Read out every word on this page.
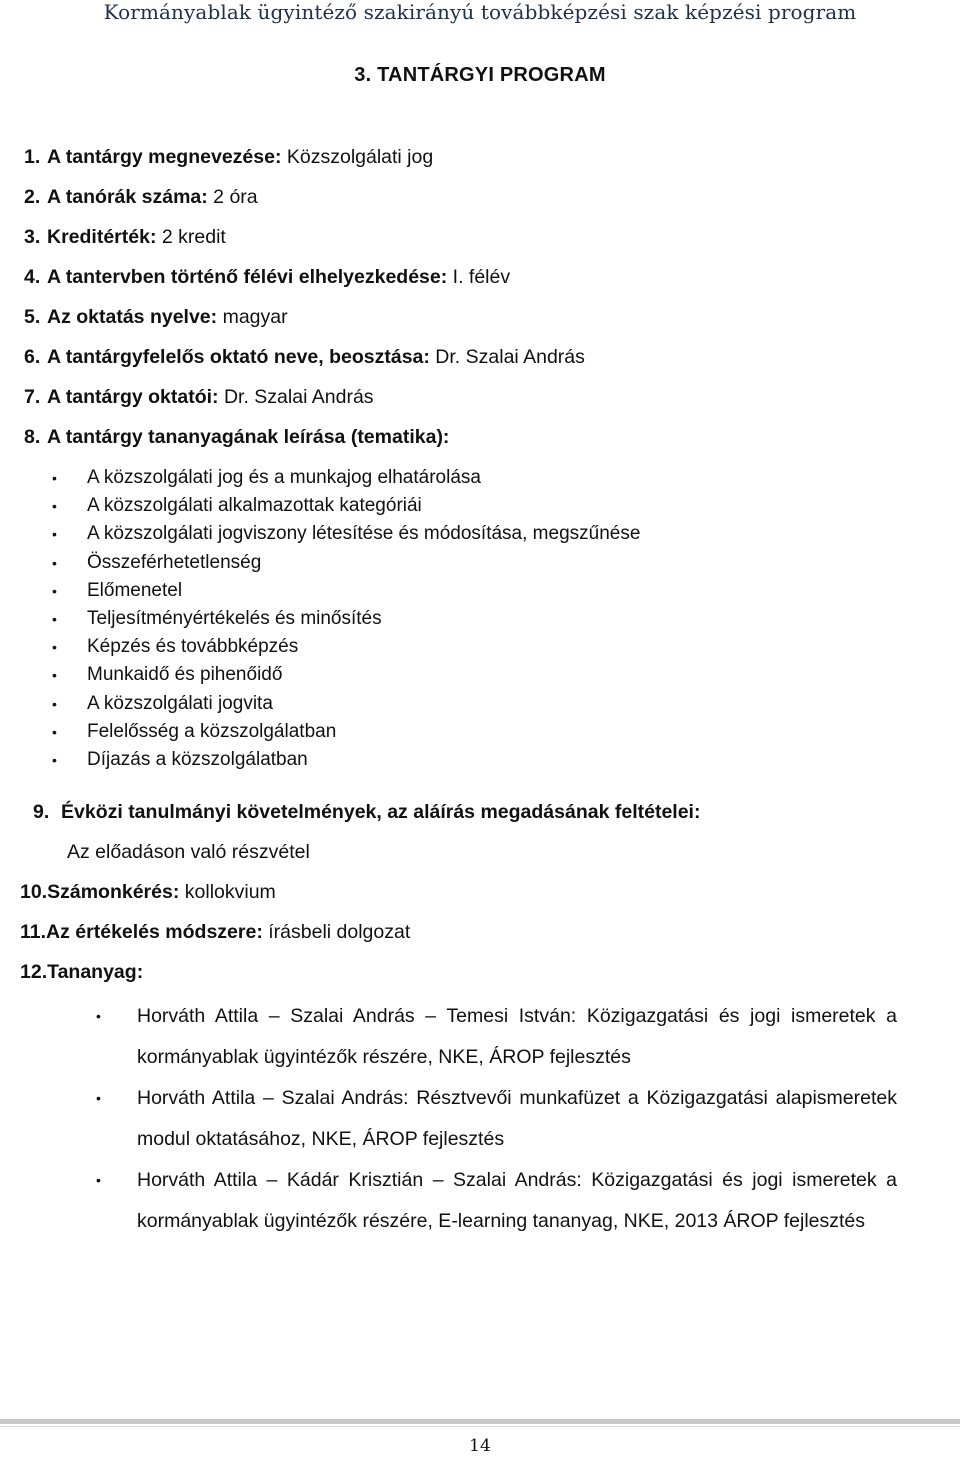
Kormányablak ügyintéző szakirányú továbbképzési szak képzési program
3. TANTÁRGYI PROGRAM
1. A tantárgy megnevezése: Közszolgálati jog
2. A tanórák száma: 2 óra
3. Kreditérték: 2 kredit
4. A tantervben történő félévi elhelyezkedése: I. félév
5. Az oktatás nyelve: magyar
6. A tantárgyfelelős oktató neve, beosztása: Dr. Szalai András
7. A tantárgy oktatói: Dr. Szalai András
8. A tantárgy tananyagának leírása (tematika):
• A közszolgálati jog és a munkajog elhatárolása
• A közszolgálati alkalmazottak kategóriái
• A közszolgálati jogviszony létesítése és módosítása, megszűnése
• Összeférhetetlenség
• Előmenetel
• Teljesítményértékelés és minősítés
• Képzés és továbbképzés
• Munkaidő és pihenőidő
• A közszolgálati jogvita
• Felelősség a közszolgálatban
• Díjazás a közszolgálatban
9. Évközi tanulmányi követelmények, az aláírás megadásának feltételei:
Az előadáson való részvétel
10.Számonkérés: kollokvium
11.Az értékelés módszere: írásbeli dolgozat
12.Tananyag:
• Horváth Attila – Szalai András – Temesi István: Közigazgatási és jogi ismeretek a kormányablak ügyintézők részére, NKE, ÁROP fejlesztés
• Horváth Attila – Szalai András: Résztvevői munkafüzet a Közigazgatási alapismeretek modul oktatásához, NKE, ÁROP fejlesztés
• Horváth Attila – Kádár Krisztián – Szalai András: Közigazgatási és jogi ismeretek a kormányablak ügyintézők részére, E-learning tananyag, NKE, 2013 ÁROP fejlesztés
14
